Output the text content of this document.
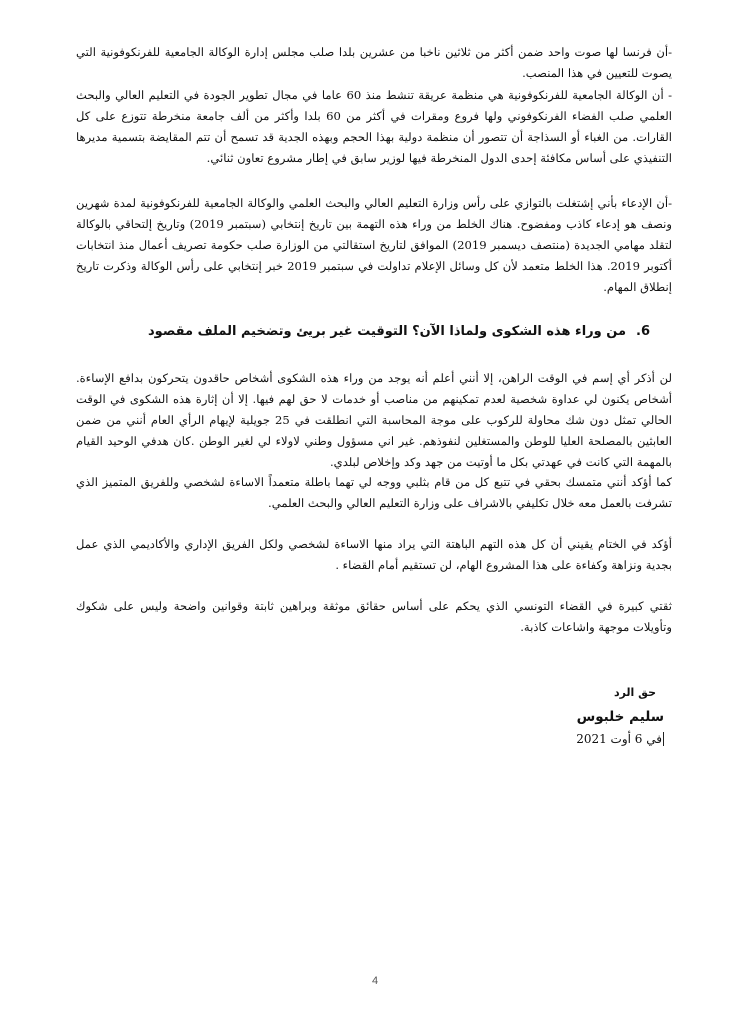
-أن فرنسا لها صوت واحد ضمن أكثر من ثلاثين ناخبا من عشرين بلدا صلب مجلس إدارة الوكالة الجامعية للفرنكوفونية التي يصوت للتعيين في هذا المنصب.

- أن الوكالة الجامعية للفرنكوفونية هي منظمة عريقة تنشط منذ 60 عاما في مجال تطوير الجودة في التعليم العالي والبحث العلمي صلب الفضاء الفرنكوفوني ولها فروع ومقرات في أكثر من 60 بلدا وأكثر من ألف جامعة منخرطة تتوزع على كل القارات. من الغباء أو السذاجة أن تتصور أن منظمة دولية بهذا الحجم وبهذه الجدية قد تسمح أن تتم المقايضة بتسمية مديرها التنفيذي على أساس مكافئة إحدى الدول المنخرطة فيها لوزير سابق في إطار مشروع تعاون ثنائي.

-أن الإدعاء بأني إشتغلت بالتوازي على رأس وزارة التعليم العالي والبحث العلمي والوكالة الجامعية للفرنكوفونية لمدة شهرين ونصف هو إدعاء كاذب ومفضوح. هناك الخلط من وراء هذه التهمة بين تاريخ إنتخابي (سبتمبر 2019) وتاريخ إلتحاقي بالوكالة لتقلد مهامي الجديدة (منتصف ديسمبر 2019) الموافق لتاريخ استقالتي من الوزارة صلب حكومة تصريف أعمال منذ انتخابات أكتوبر 2019. هذا الخلط متعمد لأن كل وسائل الإعلام تداولت في سبتمبر 2019 خبر إنتخابي على رأس الوكالة وذكرت تاريخ إنطلاق المهام.

6.من وراء هذه الشكوى ولماذا الآن؟ التوقيت غير بريئ وتضخيم الملف مقصود

لن أذكر أي إسم في الوقت الراهن، إلا أنني أعلم أنه يوجد من وراء هذه الشكوى أشخاص حاقدون يتحركون بدافع الإساءة. أشخاص يكنون لي عداوة شخصية لعدم تمكينهم من مناصب أو خدمات لا حق لهم فيها. إلا أن إثارة هذه الشكوى في الوقت الحالي تمثل دون شك محاولة للركوب على موجة المحاسبة التي انطلقت في 25 جويلية لإيهام الرأي العام أنني من ضمن العابثين بالمصلحة العليا للوطن والمستغلين لنفوذهم. غير اني مسؤول وطني لاولاء لي لغير الوطن .كان هدفي الوحيد القيام بالمهمة التي كانت في عهدتي بكل ما أوتيت من جهد وكد وإخلاص لبلدي.

كما أؤكد أنني متمسك بحقي في تتبع كل من قام بثلبي ووجه لي تهما باطلة متعمداً الاساءة لشخصي وللفريق المتميز الذي تشرفت بالعمل معه خلال تكليفي بالاشراف على وزارة التعليم العالي والبحث العلمي.

أؤكد في الختام يقيني أن كل هذه التهم الباهتة التي يراد منها الاساءة لشخصي ولكل الفريق الإداري والأكاديمي الذي عمل بجدية ونزاهة وكفاءة على هذا المشروع الهام، لن تستقيم أمام القضاء .

ثقتي كبيرة في القضاء التونسي الذي يحكم على أساس حقائق موثقة وبراهين ثابتة وقوانين واضحة وليس على شكوك وتأويلات موجهة واشاعات كاذبة.

حق الرد
سليم خلبوس
في 6 أوت 2021
4
